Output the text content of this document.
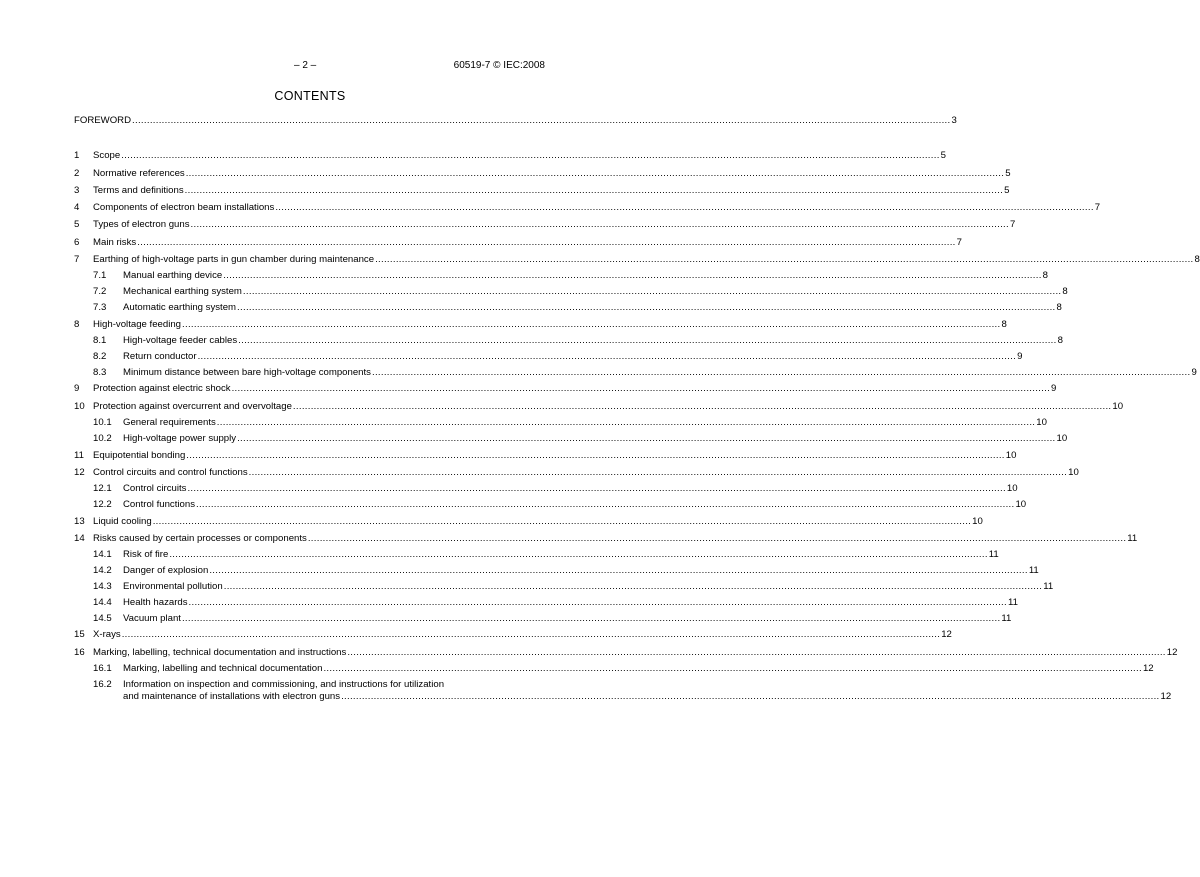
– 2 –	60519-7 © IEC:2008
CONTENTS
FOREWORD .....	3
1	Scope .....	5
2	Normative references .....	5
3	Terms and definitions .....	5
4	Components of electron beam installations .....	7
5	Types of electron guns .....	7
6	Main risks .....	7
7	Earthing of high-voltage parts in gun chamber during maintenance .....	8
7.1	Manual earthing device .....	8
7.2	Mechanical earthing system .....	8
7.3	Automatic earthing system .....	8
8	High-voltage feeding .....	8
8.1	High-voltage feeder cables .....	8
8.2	Return conductor .....	9
8.3	Minimum distance between bare high-voltage components .....	9
9	Protection against electric shock .....	9
10 Protection against overcurrent and overvoltage .....	10
10.1	General requirements .....	10
10.2	High-voltage power supply .....	10
11 Equipotential bonding .....	10
12 Control circuits and control functions .....	10
12.1	Control circuits .....	10
12.2	Control functions .....	10
13 Liquid cooling .....	10
14 Risks caused by certain processes or components .....	11
14.1	Risk of fire .....	11
14.2	Danger of explosion .....	11
14.3	Environmental pollution .....	11
14.4	Health hazards .....	11
14.5	Vacuum plant .....	11
15 X-rays .....	12
16 Marking, labelling, technical documentation and instructions .....	12
16.1	Marking, labelling and technical documentation .....	12
16.2	Information on inspection and commissioning, and instructions for utilization
and maintenance of installations with electron guns .....	12
